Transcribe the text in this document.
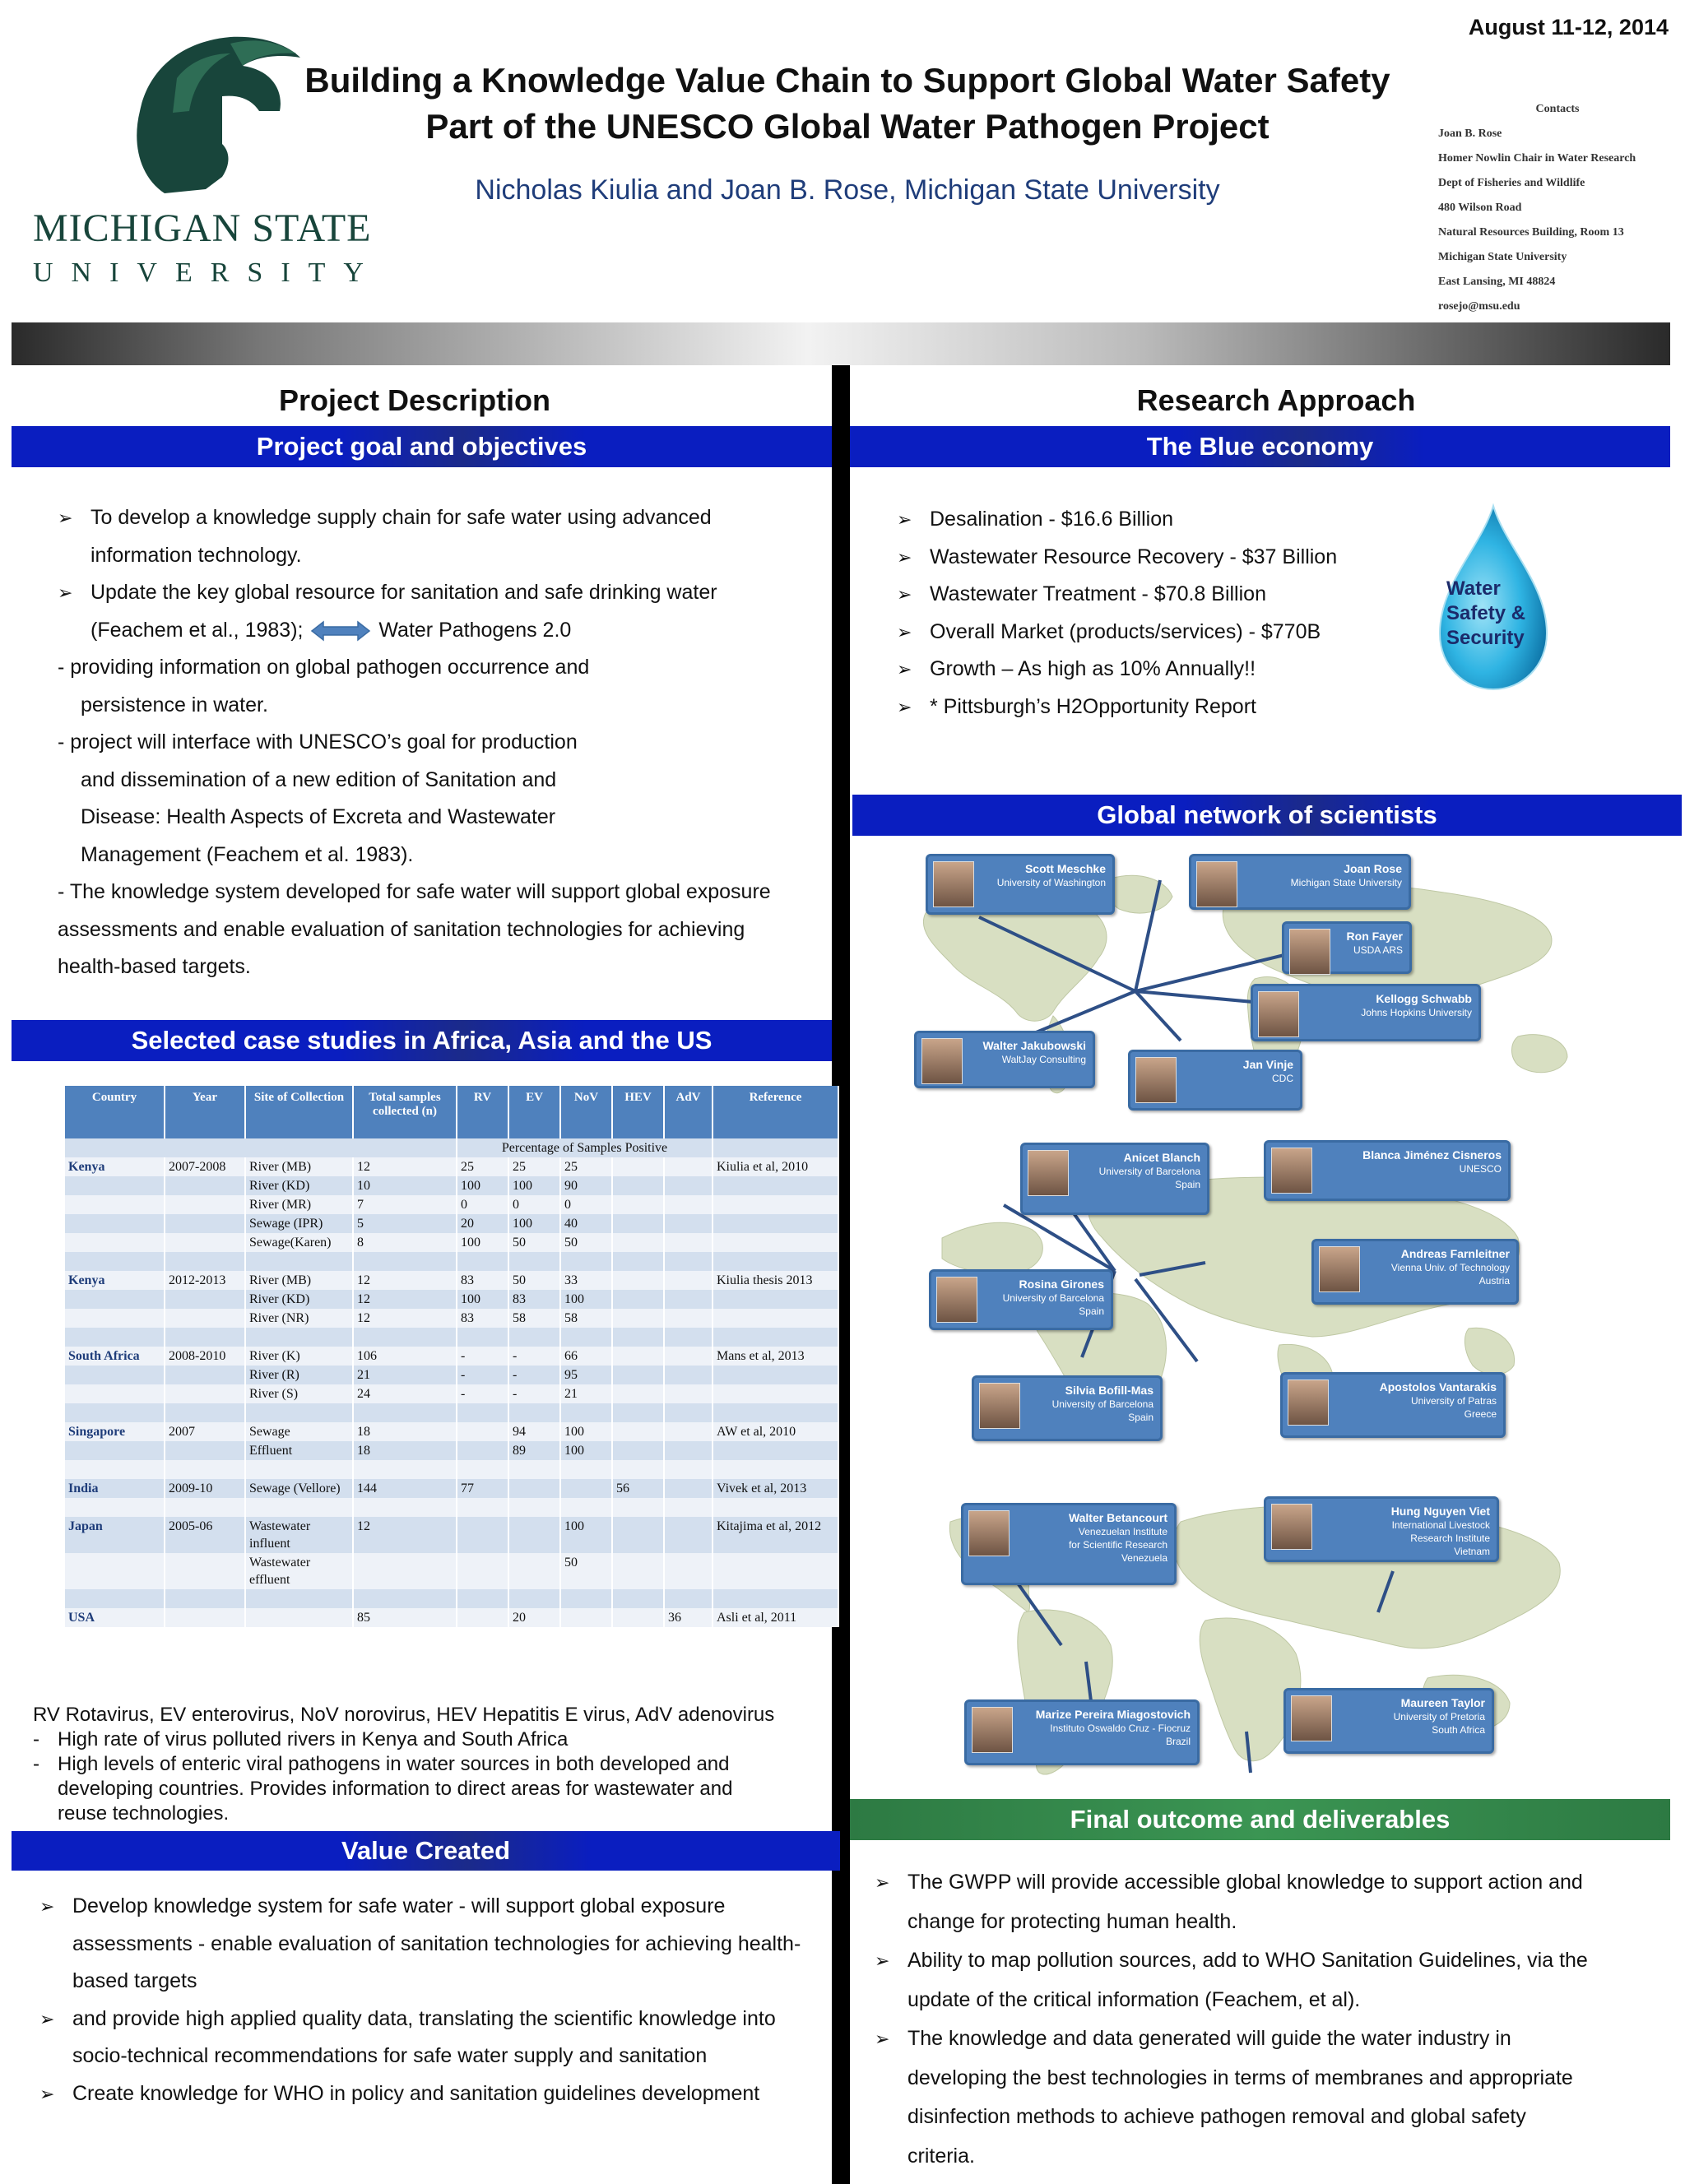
August 11-12, 2014
MICHIGAN STATE
UNIVERSITY
Building a Knowledge Value Chain to Support Global Water Safety
Part of the UNESCO Global Water Pathogen Project
Nicholas Kiulia and Joan B. Rose, Michigan State University
Contacts
Joan B. Rose
Homer Nowlin Chair in Water Research
Dept of Fisheries and Wildlife
480 Wilson Road
Natural Resources Building, Room 13
Michigan State University
East Lansing, MI 48824
rosejo@msu.edu
Project Description
Project goal and objectives
➢ To develop a knowledge supply chain for safe water using advanced
information technology.
➢ Update the key global resource for sanitation and safe drinking water
(Feachem et al., 1983);	Water Pathogens 2.0
- providing information on global pathogen occurrence and
persistence in water.
- project will interface with UNESCO’s goal for production
and dissemination of a new edition of Sanitation and
Disease: Health Aspects of Excreta and Wastewater
Management (Feachem et al. 1983).
- The knowledge system developed for safe water will support global exposure
assessments and enable evaluation of sanitation technologies for achieving
health-based targets.
Selected case studies in Africa, Asia and the US
Country	Year	Site of Collection	Total samples collected (n)	RV	EV	NoV	HEV	AdV	Reference
				Percentage of Samples Positive					
Kenya	2007-2008	River (MB)	12	25	25	25			Kiulia et al, 2010
		River (KD)	10	100	100	90			
		River (MR)	7	0	0	0			
		Sewage (IPR)	5	20	100	40			
		Sewage(Karen)	8	100	50	50			

Kenya	2012-2013	River (MB)	12	83	50	33			Kiulia thesis 2013
		River (KD)	12	100	83	100			
		River (NR)	12	83	58	58			

South Africa	2008-2010	River (K)	106	-	-	66			Mans et al, 2013
		River (R)	21	-	-	95			
		River (S)	24	-	-	21			

Singapore	2007	Sewage	18		94	100			AW et al, 2010
		Effluent	18		89	100			

India	2009-10	Sewage (Vellore)	144	77			56		Vivek et al, 2013

Japan	2005-06	Wastewater influent	12			100			Kitajima et al, 2012
		Wastewater effluent				50			

USA			85		20			36	Asli et al, 2011
RV Rotavirus, EV enterovirus, NoV norovirus, HEV Hepatitis E virus, AdV adenovirus
- High rate of virus polluted rivers in Kenya and South Africa
- High levels of enteric viral pathogens in water sources in both developed and
developing countries. Provides information to direct areas for wastewater and
reuse technologies.
Value Created
➢ Develop knowledge system for safe water - will support global exposure
assessments - enable evaluation of sanitation technologies for achieving health-
based targets
➢ and provide high applied quality data, translating the scientific knowledge into
socio-technical recommendations for safe water supply and sanitation
➢ Create knowledge for WHO in policy and sanitation guidelines development
Research Approach
The Blue economy
➢ Desalination - $16.6 Billion
➢ Wastewater Resource Recovery - $37 Billion
➢ Wastewater Treatment - $70.8 Billion
➢ Overall Market (products/services) - $770B
➢ Growth – As high as 10% Annually!!
➢ * Pittsburgh’s H2Opportunity Report
Water
Safety &
Security
Global network of scientists
Scott Meschke
University of Washington
Joan Rose
Michigan State University
Ron Fayer
USDA ARS
Kellogg Schwabb
Johns Hopkins University
Walter Jakubowski
WaltJay Consulting	Jan Vinje
CDC
Anicet Blanch
University of Barcelona
Spain
Blanca Jiménez Cisneros
UNESCO
Andreas Farnleitner
Vienna Univ. of Technology
Austria
Rosina Girones
University of Barcelona
Spain
Silvia Bofill-Mas
University of Barcelona
Spain
Apostolos Vantarakis
University of Patras
Greece
Walter Betancourt
Venezuelan Institute
for Scientific Research
Venezuela
Hung Nguyen Viet
International Livestock
Research Institute
Vietnam
Marize Pereira Miagostovich
Instituto Oswaldo Cruz - Fiocruz
Brazil
Maureen Taylor
University of Pretoria
South Africa
Final outcome and deliverables
➢ The GWPP will provide accessible global knowledge to support action and
change for protecting human health.
➢ Ability to map pollution sources, add to WHO Sanitation Guidelines, via the
update of the critical information (Feachem, et al).
➢ The knowledge and data generated will guide the water industry in
developing the best technologies in terms of membranes and appropriate
disinfection methods to achieve pathogen removal and global safety
criteria.
